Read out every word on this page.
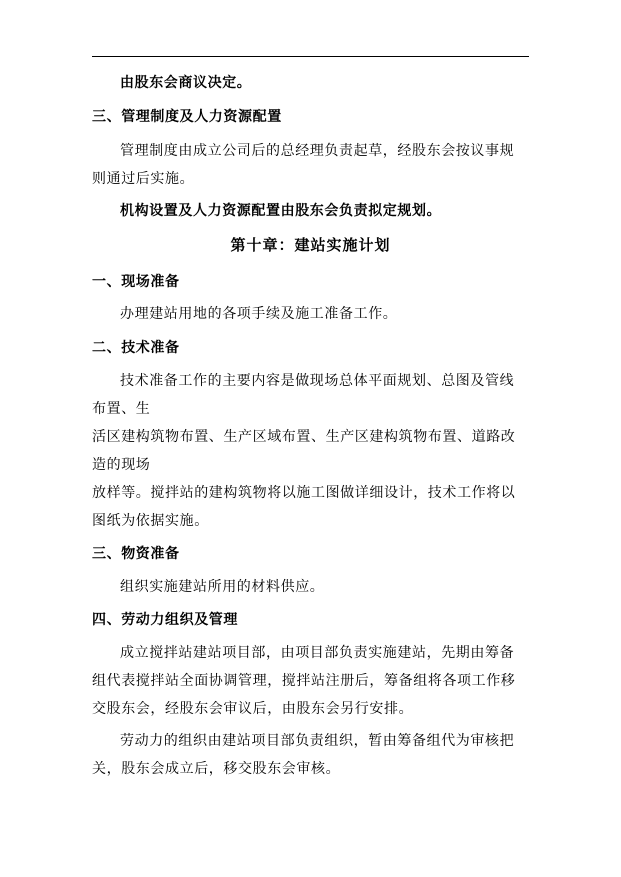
由股东会商议决定。
三、管理制度及人力资源配置
管理制度由成立公司后的总经理负责起草，经股东会按议事规
则通过后实施。
机构设置及人力资源配置由股东会负责拟定规划。
第十章：建站实施计划
一、现场准备
办理建站用地的各项手续及施工准备工作。
二、技术准备
技术准备工作的主要内容是做现场总体平面规划、总图及管线
布置、生
活区建构筑物布置、生产区域布置、生产区建构筑物布置、道路改
造的现场
放样等。搅拌站的建构筑物将以施工图做详细设计，技术工作将以
图纸为依据实施。
三、物资准备
组织实施建站所用的材料供应。
四、劳动力组织及管理
成立搅拌站建站项目部，由项目部负责实施建站，先期由筹备
组代表搅拌站全面协调管理，搅拌站注册后，筹备组将各项工作移
交股东会，经股东会审议后，由股东会另行安排。
劳动力的组织由建站项目部负责组织，暂由筹备组代为审核把
关，股东会成立后，移交股东会审核。
